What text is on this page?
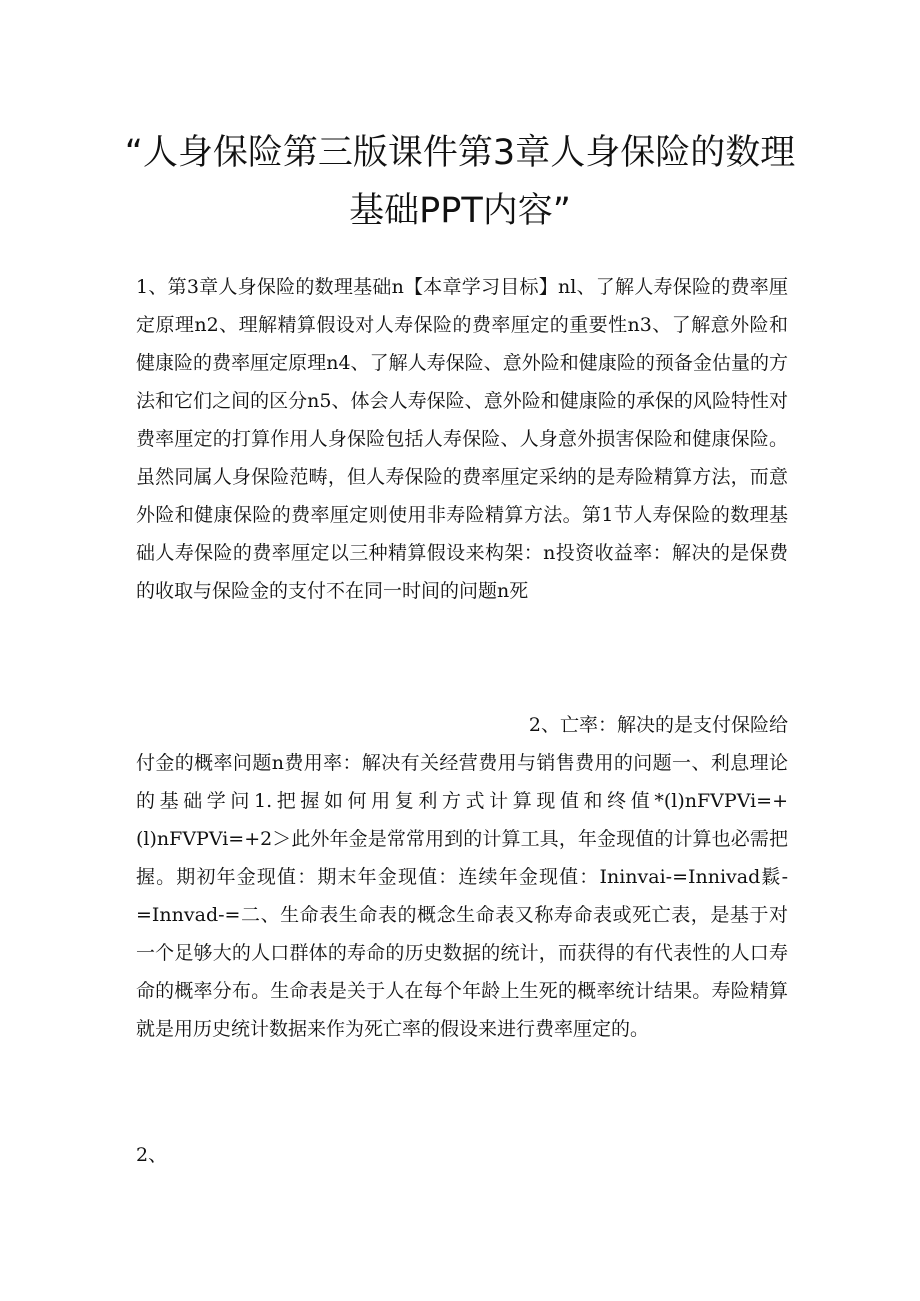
“人身保险第三版课件第3章人身保险的数理基础PPT内容”

1、第3章人身保险的数理基础n【本章学习目标】nl、了解人寿保险的费率厘定原理n2、理解精算假设对人寿保险的费率厘定的重要性n3、了解意外险和健康险的费率厘定原理n4、了解人寿保险、意外险和健康险的预备金估量的方法和它们之间的区分n5、体会人寿保险、意外险和健康险的承保的风险特性对费率厘定的打算作用人身保险包括人寿保险、人身意外损害保险和健康保险。虽然同属人身保险范畴，但人寿保险的费率厘定采纳的是寿险精算方法，而意外险和健康保险的费率厘定则使用非寿险精算方法。第1节人寿保险的数理基础人寿保险的费率厘定以三种精算假设来构架：n投资收益率：解决的是保费的收取与保险金的支付不在同一时间的问题n死

2、亡率：解决的是支付保险给

付金的概率问题n费用率：解决有关经营费用与销售费用的问题一、利息理论的基础学问1.把握如何用复利方式计算现值和终值*(l)nFVPVi=+(l)nFVPVi=+2＞此外年金是常常用到的计算工具，年金现值的计算也必需把握。期初年金现值：期末年金现值：连续年金现值：Ininvai-=Innivad鬏-=Innvad-=二、生命表生命表的概念生命表又称寿命表或死亡表，是基于对一个足够大的人口群体的寿命的历史数据的统计，而获得的有代表性的人口寿命的概率分布。生命表是关于人在每个年龄上生死的概率统计结果。寿险精算就是用历史统计数据来作为死亡率的假设来进行费率厘定的。

2、
